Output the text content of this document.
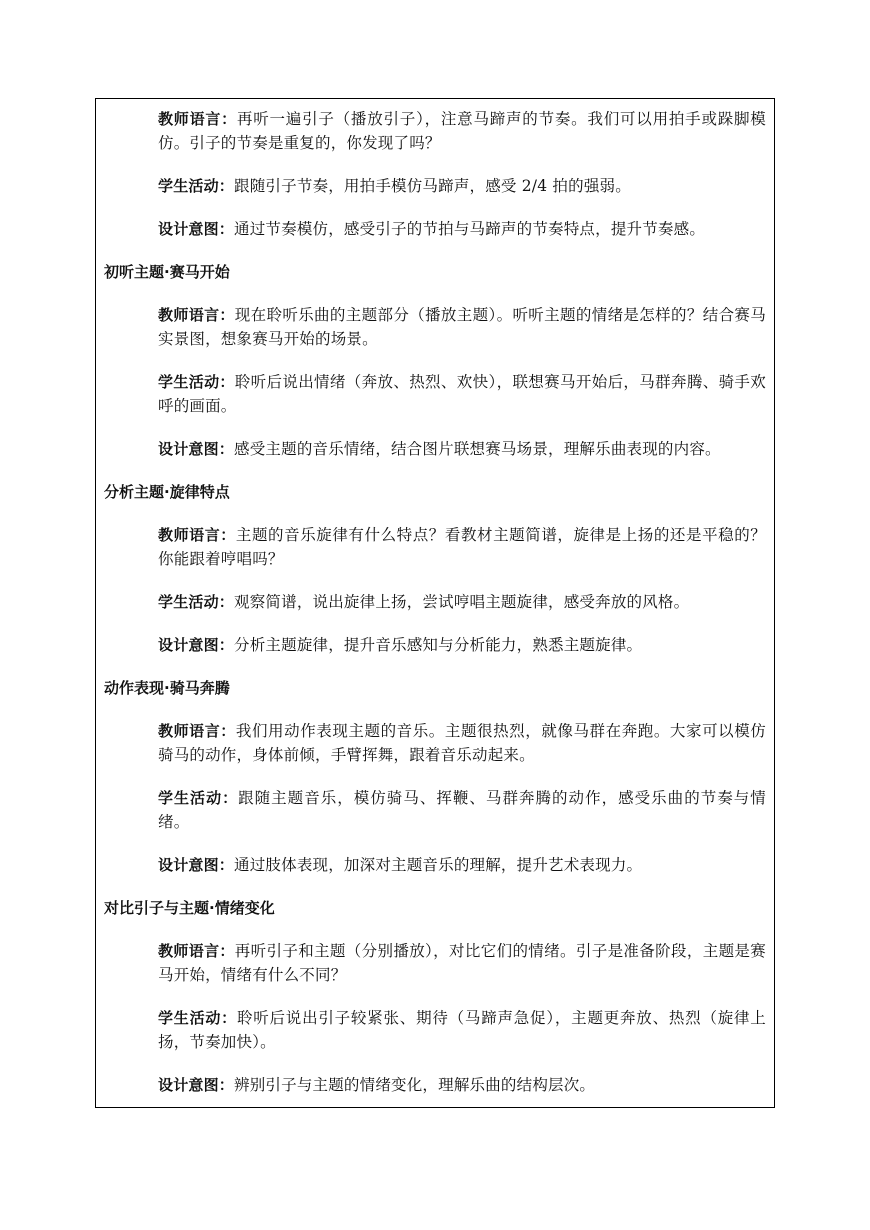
教师语言：再听一遍引子（播放引子），注意马蹄声的节奏。我们可以用拍手或跺脚模仿。引子的节奏是重复的，你发现了吗？

学生活动：跟随引子节奏，用拍手模仿马蹄声，感受 2/4 拍的强弱。

设计意图：通过节奏模仿，感受引子的节拍与马蹄声的节奏特点，提升节奏感。

初听主题·赛马开始

教师语言：现在聆听乐曲的主题部分（播放主题）。听听主题的情绪是怎样的？结合赛马实景图，想象赛马开始的场景。

学生活动：聆听后说出情绪（奔放、热烈、欢快），联想赛马开始后，马群奔腾、骑手欢呼的画面。

设计意图：感受主题的音乐情绪，结合图片联想赛马场景，理解乐曲表现的内容。

分析主题·旋律特点

教师语言：主题的音乐旋律有什么特点？看教材主题简谱，旋律是上扬的还是平稳的？你能跟着哼唱吗？

学生活动：观察简谱，说出旋律上扬，尝试哼唱主题旋律，感受奔放的风格。

设计意图：分析主题旋律，提升音乐感知与分析能力，熟悉主题旋律。

动作表现·骑马奔腾

教师语言：我们用动作表现主题的音乐。主题很热烈，就像马群在奔跑。大家可以模仿骑马的动作，身体前倾，手臂挥舞，跟着音乐动起来。

学生活动：跟随主题音乐，模仿骑马、挥鞭、马群奔腾的动作，感受乐曲的节奏与情绪。

设计意图：通过肢体表现，加深对主题音乐的理解，提升艺术表现力。

对比引子与主题·情绪变化

教师语言：再听引子和主题（分别播放），对比它们的情绪。引子是准备阶段，主题是赛马开始，情绪有什么不同？

学生活动：聆听后说出引子较紧张、期待（马蹄声急促），主题更奔放、热烈（旋律上扬，节奏加快）。

设计意图：辨别引子与主题的情绪变化，理解乐曲的结构层次。
